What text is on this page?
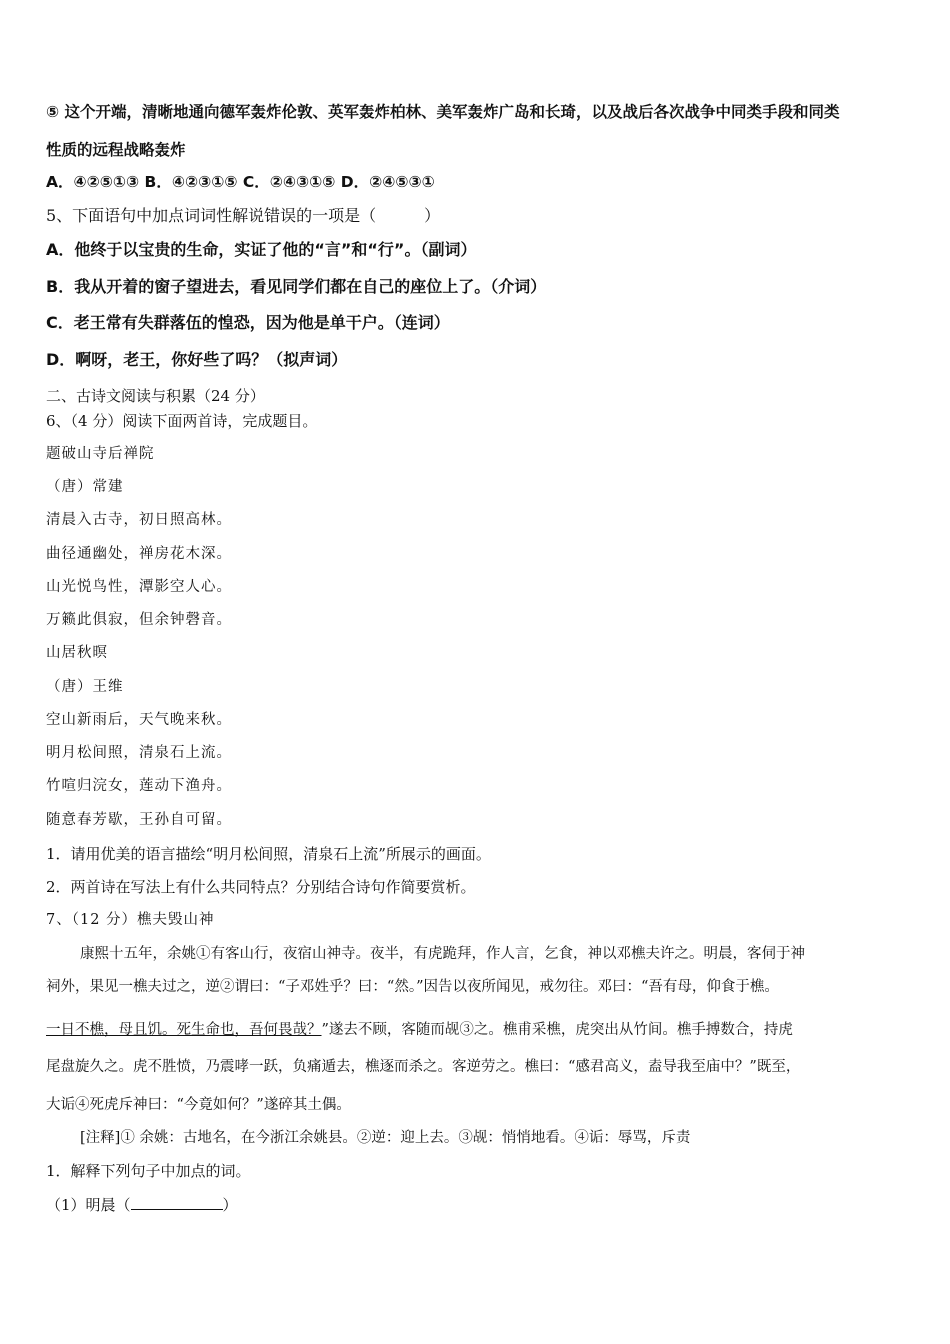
⑤ 这个开端，清晰地通向德军轰炸伦敦、英军轰炸柏林、美军轰炸广岛和长琦，以及战后各次战争中同类手段和同类
性质的远程战略轰炸
A．④②⑤①③ B．④②③①⑤ C．②④③①⑤ D．②④⑤③①
5、下面语句中加点词词性解说错误的一项是（　　　）
A．他终于以宝贵的生命，实证了他的“言”和“行”。（副词）
B．我从开着的窗子望进去，看见同学们都在自己的座位上了。（介词）
C．老王常有失群落伍的惶恐，因为他是单干户。（连词）
D．啊呀，老王，你好些了吗？（拟声词）
二、古诗文阅读与积累（24 分）
6、（4 分）阅读下面两首诗，完成题目。
题破山寺后禅院
（唐）常建
清晨入古寺，初日照高林。
曲径通幽处，禅房花木深。
山光悦鸟性，潭影空人心。
万籁此俱寂，但余钟磬音。
山居秋暝
（唐）王维
空山新雨后，天气晚来秋。
明月松间照，清泉石上流。
竹喧归浣女，莲动下渔舟。
随意春芳歇，王孙自可留。
1．请用优美的语言描绘“明月松间照，清泉石上流”所展示的画面。
2．两首诗在写法上有什么共同特点？分别结合诗句作简要赏析。
7、（12 分）樵夫毁山神
康熙十五年，余姚①有客山行，夜宿山神寺。夜半，有虎跪拜，作人言，乞食，神以邓樵夫许之。明晨，客伺于神
祠外，果见一樵夫过之，逆②谓曰：“子邓姓乎？曰：“然。”因告以夜所闻见，戒勿往。邓曰：“吾有母，仰食于樵。
一日不樵，母且饥。死生命也，吾何畏哉？”遂去不顾，客随而觇③之。樵甫采樵，虎突出从竹间。樵手搏数合，持虎
尾盘旋久之。虎不胜愤，乃震哮一跃，负痛遁去，樵逐而杀之。客逆劳之。樵曰：“感君高义，盍导我至庙中？”既至，
大诟④死虎斥神曰：“今竟如何？”遂碎其土偶。
[注释]① 余姚：古地名，在今浙江余姚县。②逆：迎上去。③觇：悄悄地看。④诟：辱骂，斥责
1．解释下列句子中加点的词。
（1）明晨（	）
